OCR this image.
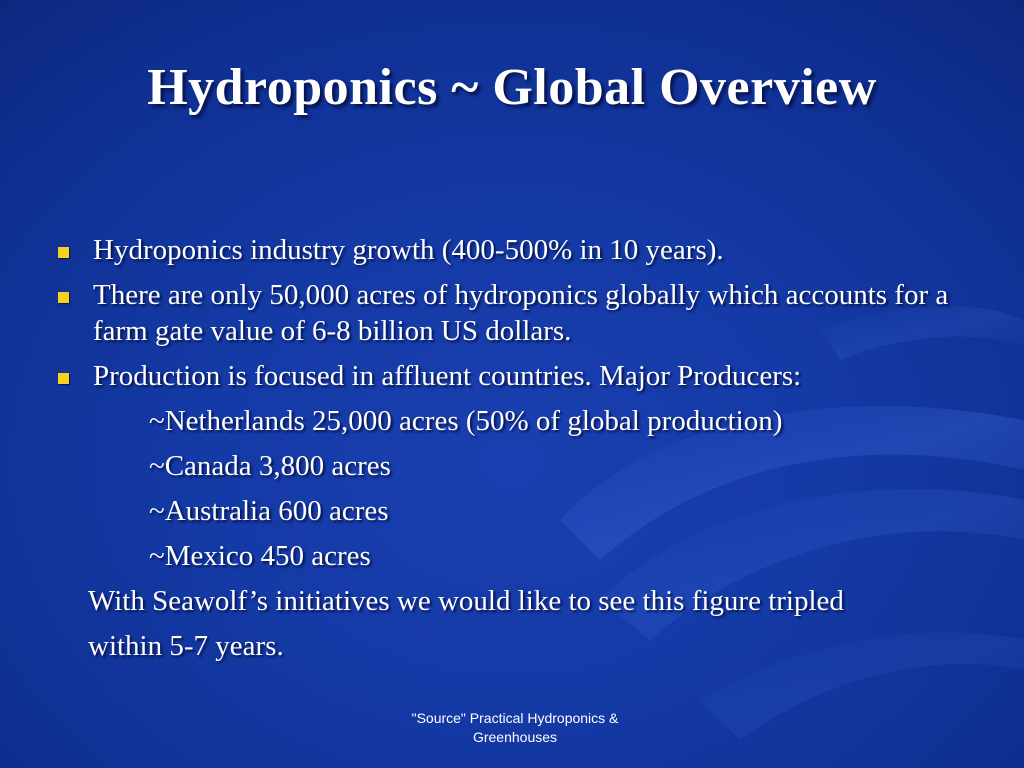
Hydroponics ~ Global Overview
Hydroponics industry growth (400-500% in 10 years).
There are only 50,000 acres of hydroponics globally which accounts for a farm gate value of 6-8 billion US dollars.
Production is focused in affluent countries. Major Producers:
~Netherlands 25,000 acres (50% of global production)
~Canada 3,800 acres
~Australia 600 acres
~Mexico 450 acres
With Seawolf’s initiatives we would like to see this figure tripled
within 5-7 years.
"Source" Practical Hydroponics & Greenhouses
